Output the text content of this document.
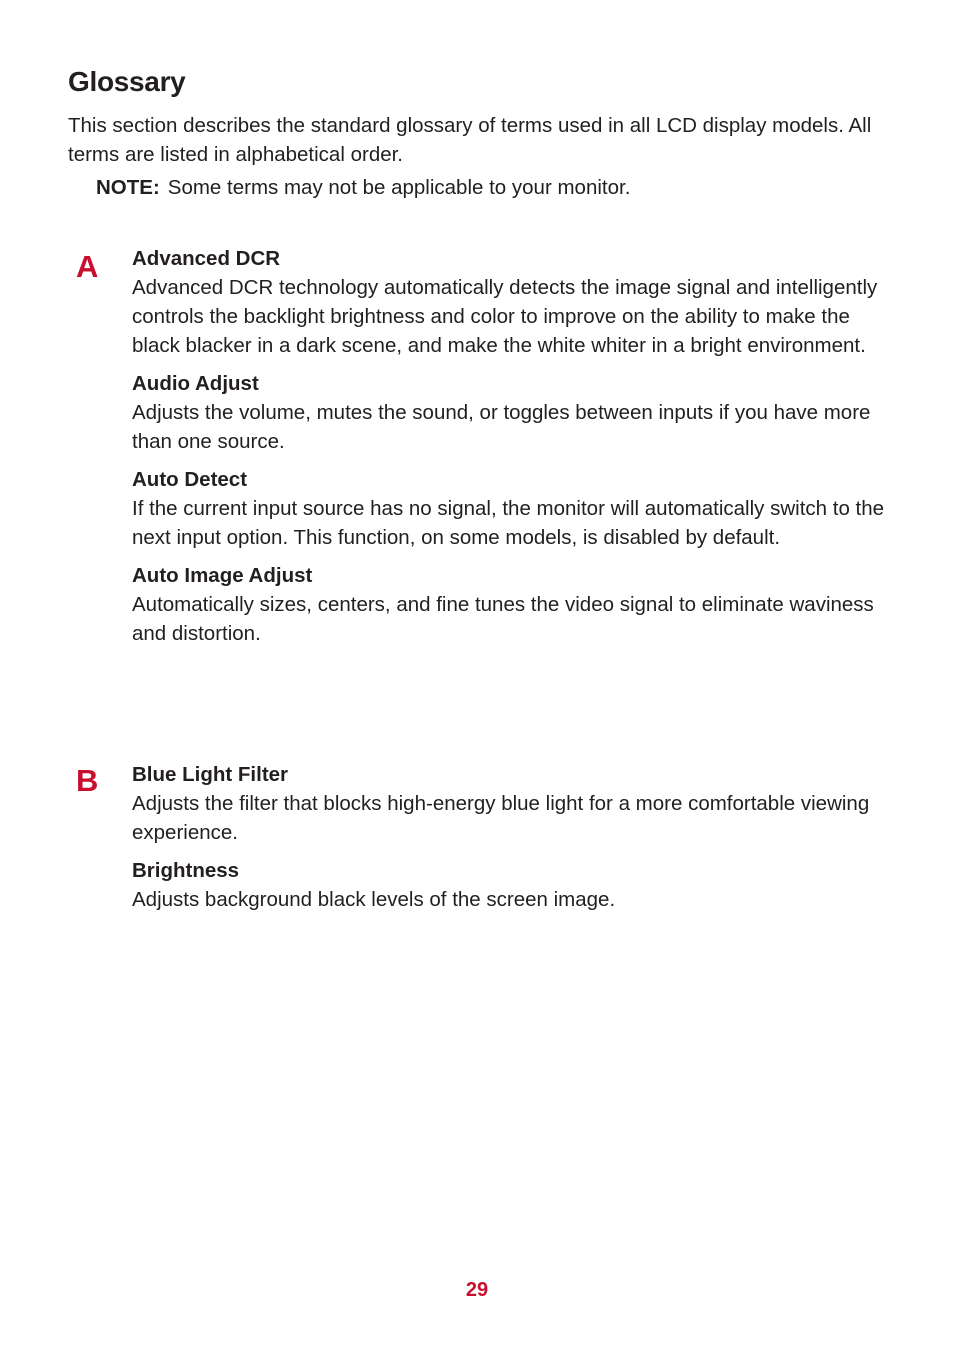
Glossary

This section describes the standard glossary of terms used in all LCD display models. All terms are listed in alphabetical order.

NOTE: Some terms may not be applicable to your monitor.

A Advanced DCR

Advanced DCR technology automatically detects the image signal and intelligently controls the backlight brightness and color to improve on the ability to make the black blacker in a dark scene, and make the white whiter in a bright environment.

Audio Adjust

Adjusts the volume, mutes the sound, or toggles between inputs if you have more than one source.

Auto Detect

If the current input source has no signal, the monitor will automatically switch to the next input option. This function, on some models, is disabled by default.

Auto Image Adjust

Automatically sizes, centers, and fine tunes the video signal to eliminate waviness and distortion.

B Blue Light Filter

Adjusts the filter that blocks high-energy blue light for a more comfortable viewing experience.

Brightness

Adjusts background black levels of the screen image.

29
